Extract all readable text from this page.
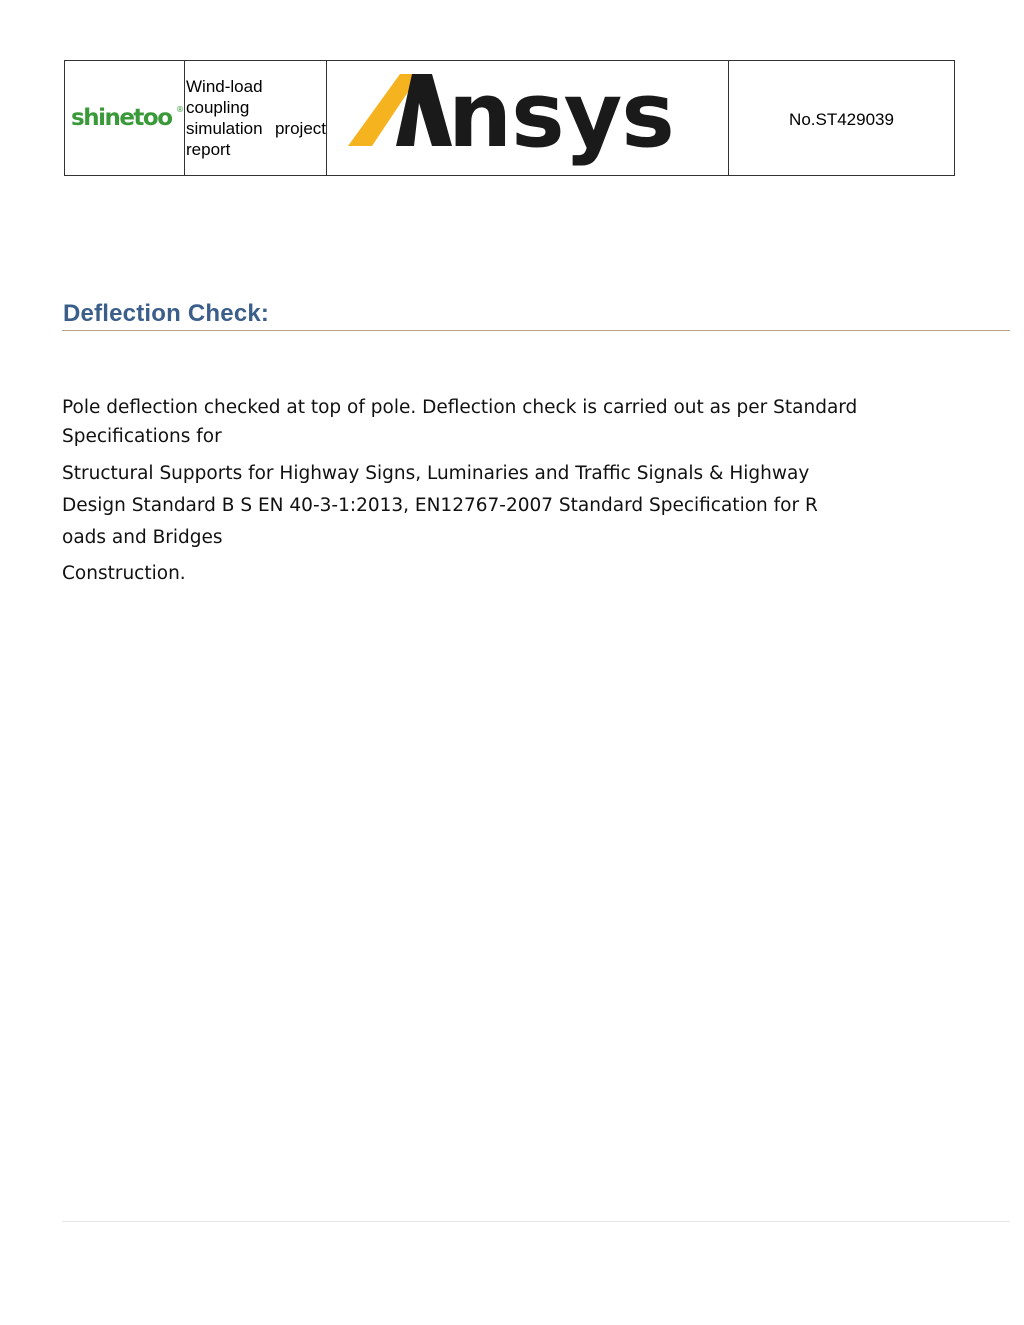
shinetoo ®

Wind-load coupling simulation project report	nsys	No.ST429039
Deflection Check:

Pole deflection checked at top of pole. Deflection check is carried out as per Standard

Specifications for

Structural Supports for Highway Signs, Luminaries and Traffic Signals & Highway

Design Standard B S EN 40-3-1:2013, EN12767-2007 Standard Specification for R

oads and Bridges

Construction.
